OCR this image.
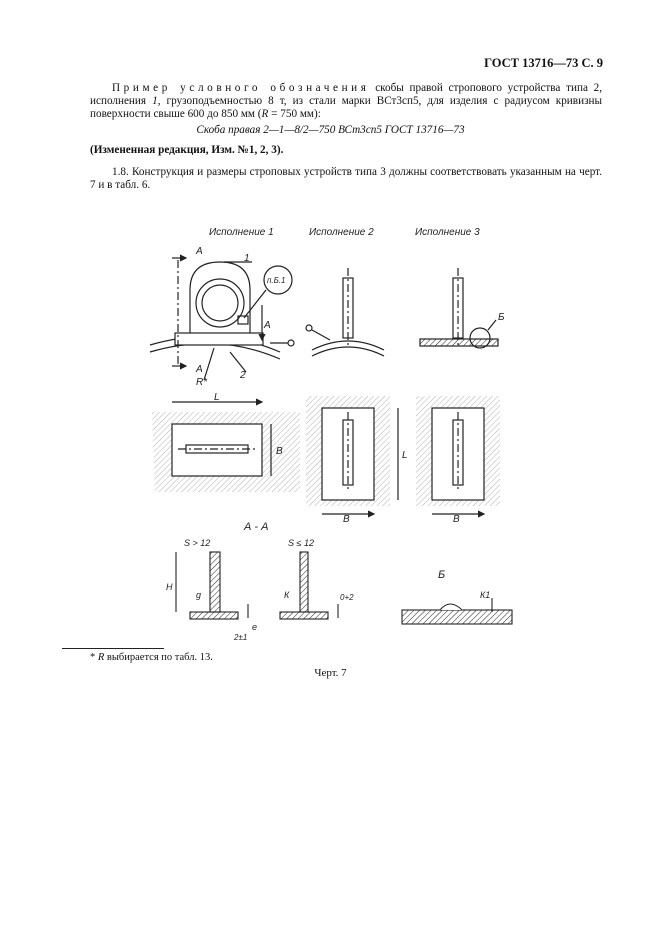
ГОСТ 13716—73 С. 9
Пример условного обозначения скобы правой стропового устройства типа 2, исполнения 1, грузоподъемностью 8 т, из стали марки ВСт3сп5, для изделия с радиусом кривизны поверхности свыше 600 до 850 мм (R = 750 мм):
Скоба правая 2—1—8/2—750 ВСт3сп5 ГОСТ 13716—73
(Измененная редакция, Изм. №1, 2, 3).
1.8. Конструкция и размеры строповых устройств типа 3 должны соответствовать указанным на черт. 7 и в табл. 6.
Исполнение 1	Исполнение 2	Исполнение 3
А
А
1
п.Б.1
А
R*
2
Б
L
B
B
L
B
А - А
S > 12	S ≤ 12
H
g
e
2±1
К	0+2
Б
К1
* R выбирается по табл. 13.
Черт. 7
